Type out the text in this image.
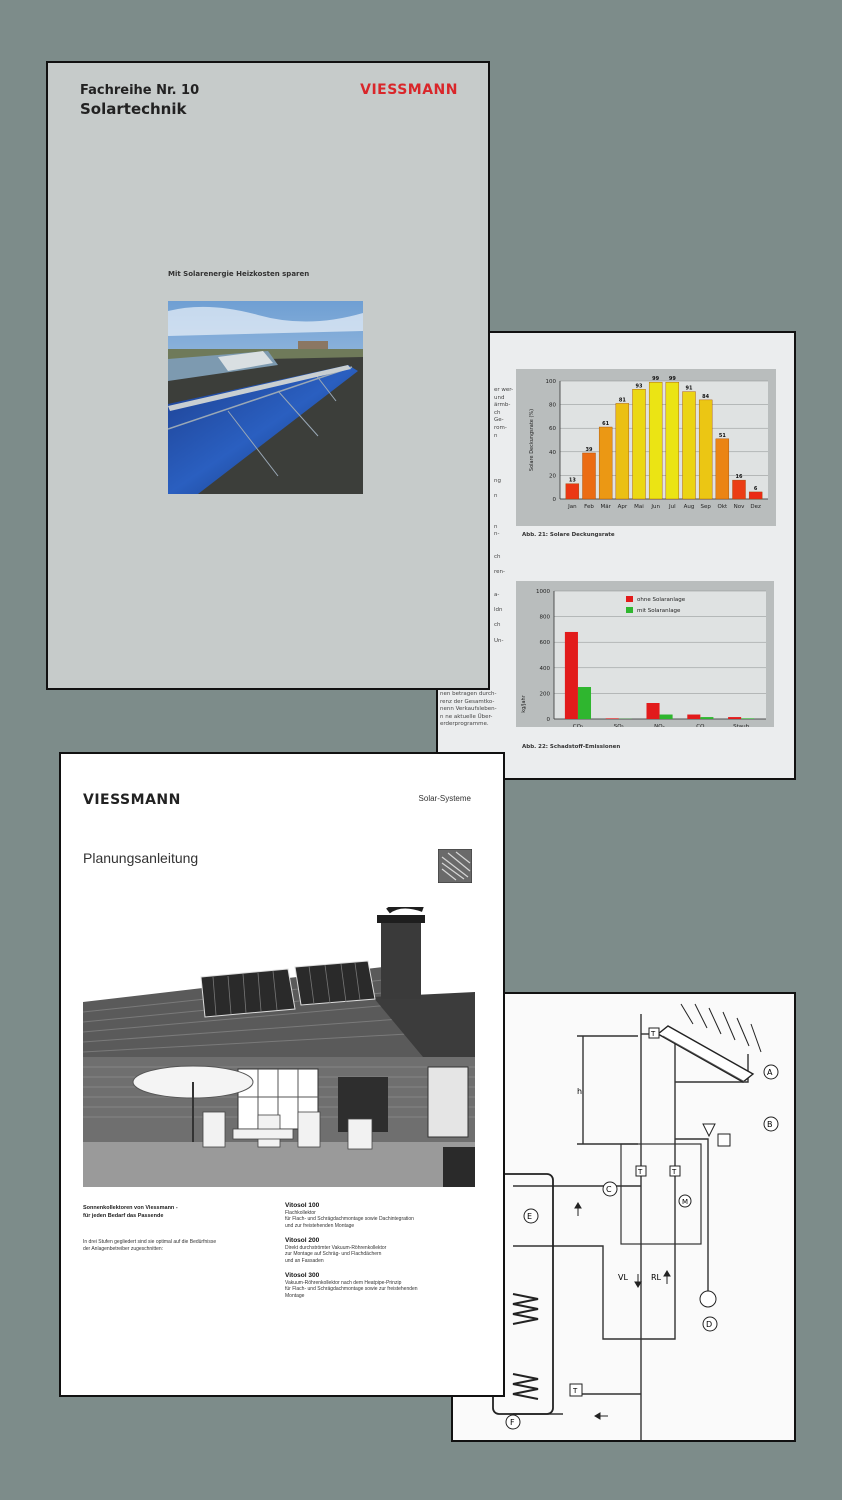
Fachreihe Nr. 10
Solartechnik
VIESSMANN
Mit Solarenergie Heizkosten sparen
er wer-
und
ärmb-
ch
Ge-
rom-
n

ng

n

n
n-

ch

ren-

a-

ldn

ch

Un-

nen betragen durch-
renz der Gesamtko-
nenn Verkaufsleben-
n ne aktuelle Über-
erderprogramme.
0
20
40
60
80
100
Solare Deckungsrate (%)
13
Jan
39
Feb
61
Mär
81
Apr
93
Mai
99
Jun
99
Jul
91
Aug
84
Sep
51
Okt
16
Nov
6
Dez
Abb. 21: Solare Deckungsrate
0
200
400
600
800
1000
kg/Jahr
CO₂	SO₂	NOₓ	CO	Staub
ohne Solaranlage
mit Solaranlage
Abb. 22: Schadstoff-Emissionen
VIESSMANN	Solar-Systeme
Planungsanleitung
Sonnenkollektoren von Viessmann -
für jeden Bedarf das Passende
In drei Stufen gegliedert sind sie optimal auf die Bedürfnisse
der Anlagenbetreiber zugeschnitten:
Vitosol 100
Flachkollektor
für Flach- und Schrägdachmontage sowie Dachintegration
und zur freistehenden Montage
Vitosol 200
Direkt durchströmter Vakuum-Röhrenkollektor
zur Montage auf Schräg- und Flachdächern
und an Fassaden
Vitosol 300
Vakuum-Röhrenkollektor nach dem Heatpipe-Prinzip
für Flach- und Schrägdachmontage sowie zur freistehenden
Montage
M
T
T	T
T
A
B
C
D
E
F
h
VL	RL
